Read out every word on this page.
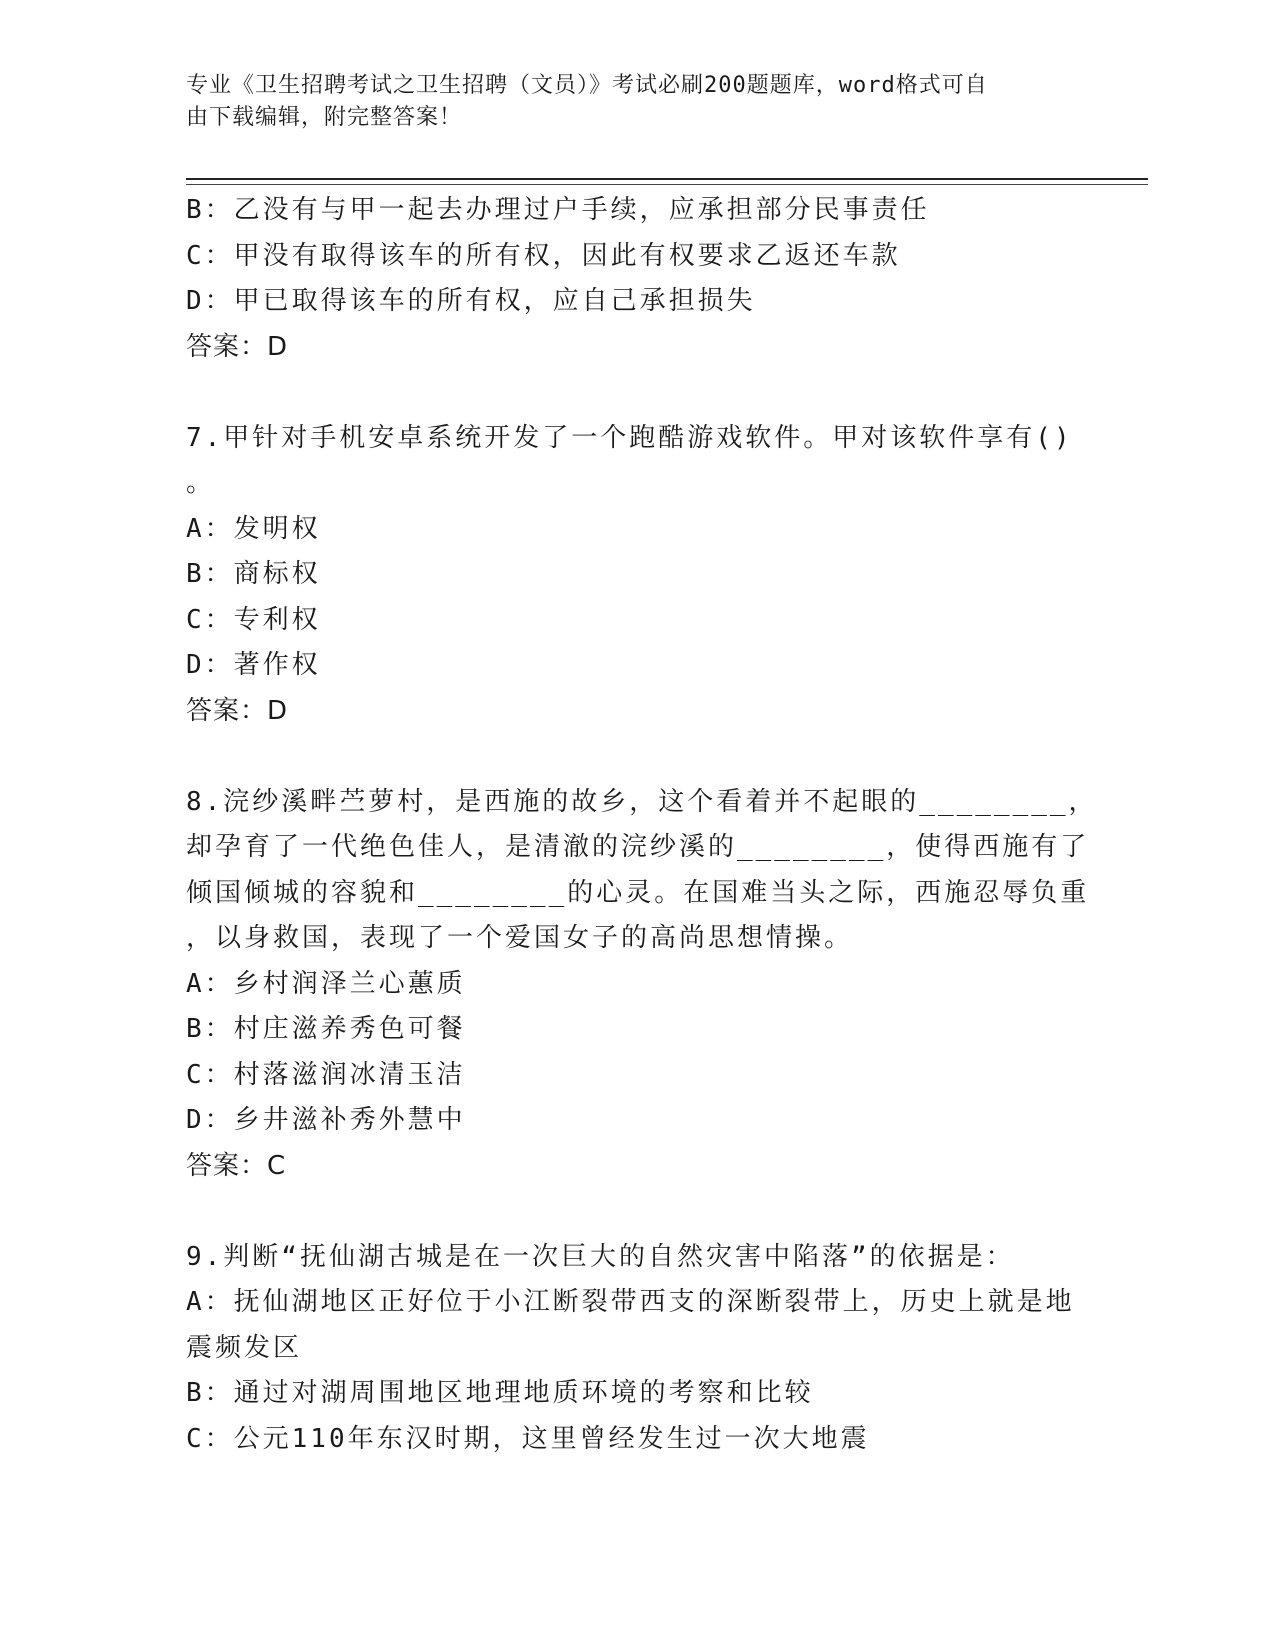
专业《卫生招聘考试之卫生招聘（文员）》考试必刷200题题库，word格式可自
由下载编辑，附完整答案！
B：乙没有与甲一起去办理过户手续，应承担部分民事责任
C：甲没有取得该车的所有权，因此有权要求乙返还车款
D：甲已取得该车的所有权，应自己承担损失
答案：D
7.甲针对手机安卓系统开发了一个跑酷游戏软件。甲对该软件享有()
。
A：发明权
B：商标权
C：专利权
D：著作权
答案：D
8.浣纱溪畔苎萝村，是西施的故乡，这个看着并不起眼的________，
却孕育了一代绝色佳人，是清澈的浣纱溪的________，使得西施有了
倾国倾城的容貌和________的心灵。在国难当头之际，西施忍辱负重
，以身救国，表现了一个爱国女子的高尚思想情操。
A：乡村润泽兰心蕙质
B：村庄滋养秀色可餐
C：村落滋润冰清玉洁
D：乡井滋补秀外慧中
答案：C
9.判断“抚仙湖古城是在一次巨大的自然灾害中陷落”的依据是：
A：抚仙湖地区正好位于小江断裂带西支的深断裂带上，历史上就是地
震频发区
B：通过对湖周围地区地理地质环境的考察和比较
C：公元110年东汉时期，这里曾经发生过一次大地震
